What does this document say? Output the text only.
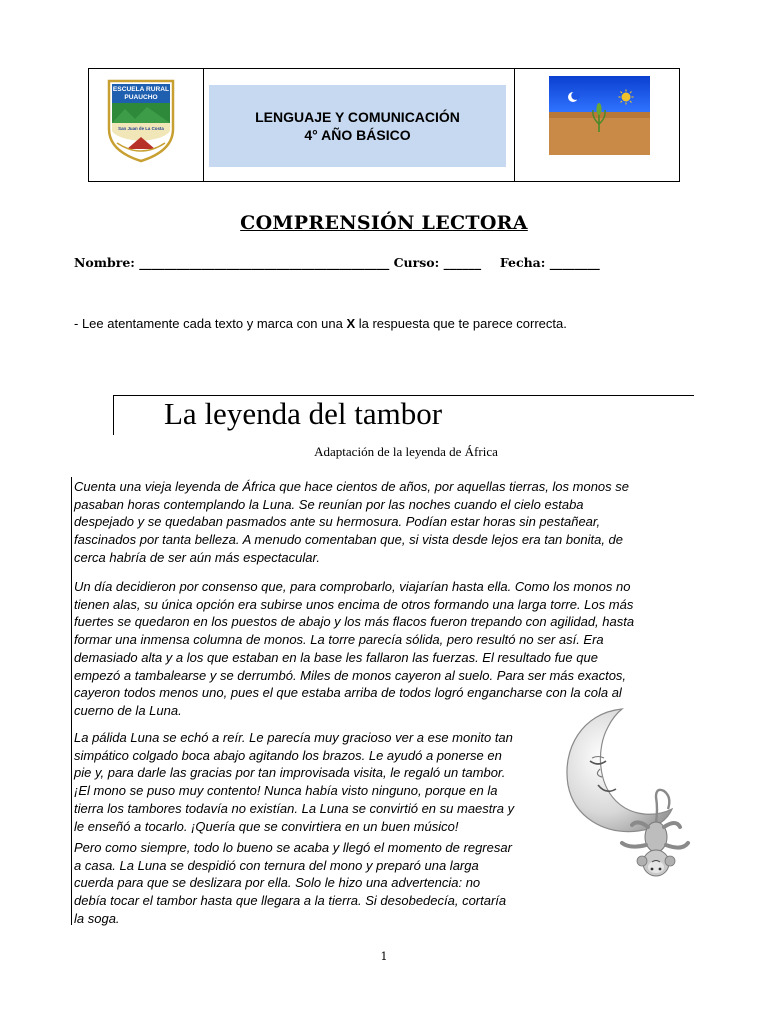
ESCUELA RURAL
PUAUCHO
San Juan de La Costa
LENGUAJE Y COMUNICACIÓN
4° AÑO BÁSICO
COMPRENSIÓN LECTORA
Nombre: ________________________________________ Curso: ______ Fecha: ________
- Lee atentamente cada texto y marca con una X la respuesta que te parece correcta.
La leyenda del tambor
Adaptación de la leyenda de África
Cuenta una vieja leyenda de África que hace cientos de años, por aquellas tierras, los monos se
pasaban horas contemplando la Luna. Se reunían por las noches cuando el cielo estaba
despejado y se quedaban pasmados ante su hermosura. Podían estar horas sin pestañear,
fascinados por tanta belleza. A menudo comentaban que, si vista desde lejos era tan bonita, de
cerca habría de ser aún más espectacular.
Un día decidieron por consenso que, para comprobarlo, viajarían hasta ella. Como los monos no
tienen alas, su única opción era subirse unos encima de otros formando una larga torre. Los más
fuertes se quedaron en los puestos de abajo y los más flacos fueron trepando con agilidad, hasta
formar una inmensa columna de monos. La torre parecía sólida, pero resultó no ser así. Era
demasiado alta y a los que estaban en la base les fallaron las fuerzas. El resultado fue que
empezó a tambalearse y se derrumbó. Miles de monos cayeron al suelo. Para ser más exactos,
cayeron todos menos uno, pues el que estaba arriba de todos logró engancharse con la cola al
cuerno de la Luna.
La pálida Luna se echó a reír. Le parecía muy gracioso ver a ese monito tan
simpático colgado boca abajo agitando los brazos. Le ayudó a ponerse en
pie y, para darle las gracias por tan improvisada visita, le regaló un tambor.
¡El mono se puso muy contento! Nunca había visto ninguno, porque en la
tierra los tambores todavía no existían. La Luna se convirtió en su maestra y
le enseñó a tocarlo. ¡Quería que se convirtiera en un buen músico!
Pero como siempre, todo lo bueno se acaba y llegó el momento de regresar
a casa. La Luna se despidió con ternura del mono y preparó una larga
cuerda para que se deslizara por ella. Solo le hizo una advertencia: no
debía tocar el tambor hasta que llegara a la tierra. Si desobedecía, cortaría
la soga.
1
